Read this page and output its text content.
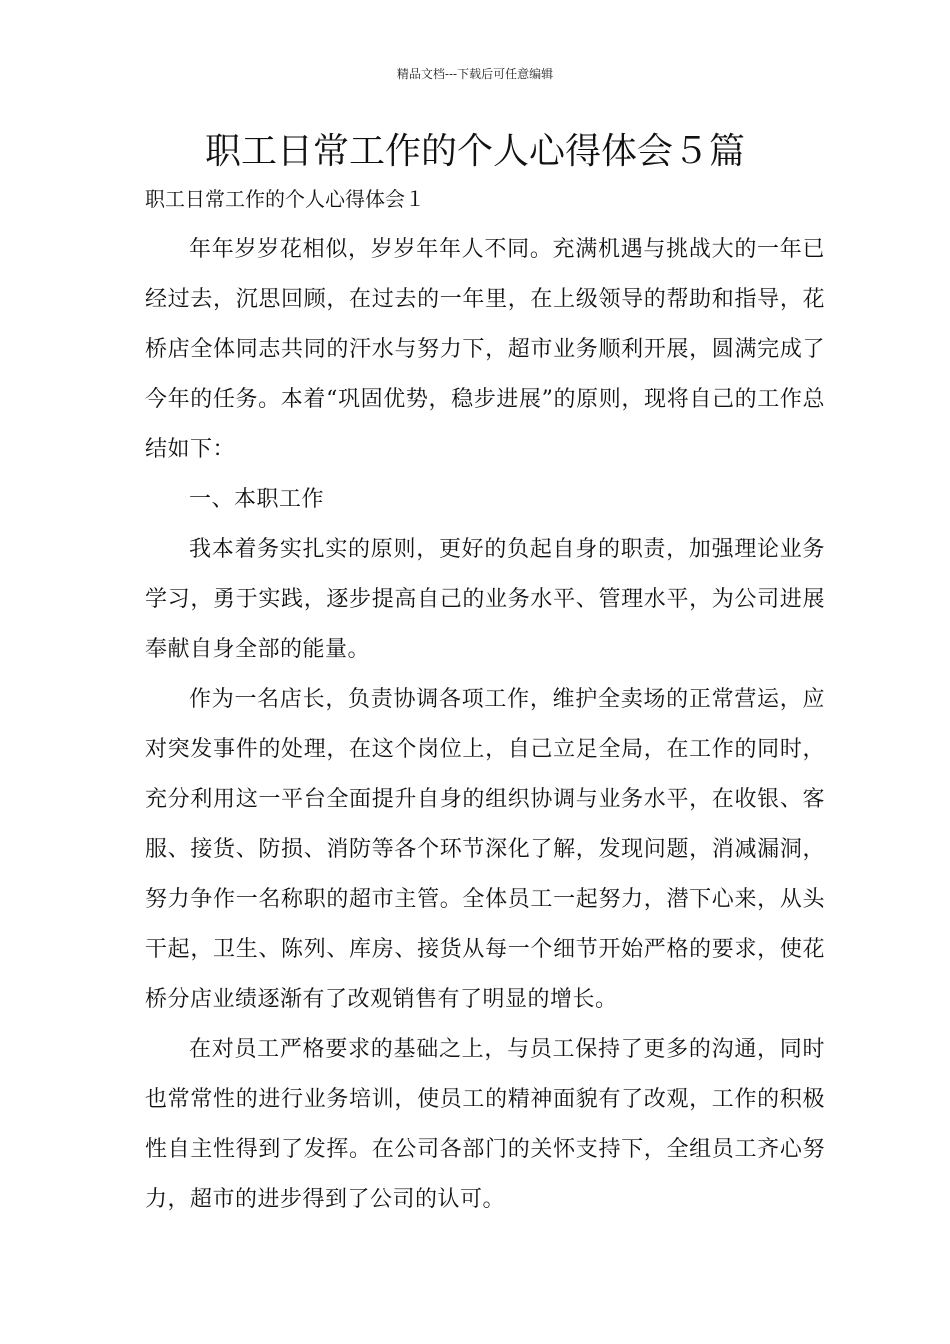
精品文档---下载后可任意编辑
职工日常工作的个人心得体会５篇
职工日常工作的个人心得体会１

年年岁岁花相似，岁岁年年人不同。充满机遇与挑战大的一年已经过去，沉思回顾，在过去的一年里，在上级领导的帮助和指导，花桥店全体同志共同的汗水与努力下，超市业务顺利开展，圆满完成了今年的任务。本着“巩固优势，稳步进展”的原则，现将自己的工作总结如下：

一、本职工作

我本着务实扎实的原则，更好的负起自身的职责，加强理论业务学习，勇于实践，逐步提高自己的业务水平、管理水平，为公司进展奉献自身全部的能量。

作为一名店长，负责协调各项工作，维护全卖场的正常营运，应对突发事件的处理，在这个岗位上，自己立足全局，在工作的同时，充分利用这一平台全面提升自身的组织协调与业务水平，在收银、客服、接货、防损、消防等各个环节深化了解，发现问题，消减漏洞，努力争作一名称职的超市主管。全体员工一起努力，潜下心来，从头干起，卫生、陈列、库房、接货从每一个细节开始严格的要求，使花桥分店业绩逐渐有了改观销售有了明显的增长。

在对员工严格要求的基础之上，与员工保持了更多的沟通，同时也常常性的进行业务培训，使员工的精神面貌有了改观，工作的积极性自主性得到了发挥。在公司各部门的关怀支持下，全组员工齐心努力，超市的进步得到了公司的认可。
